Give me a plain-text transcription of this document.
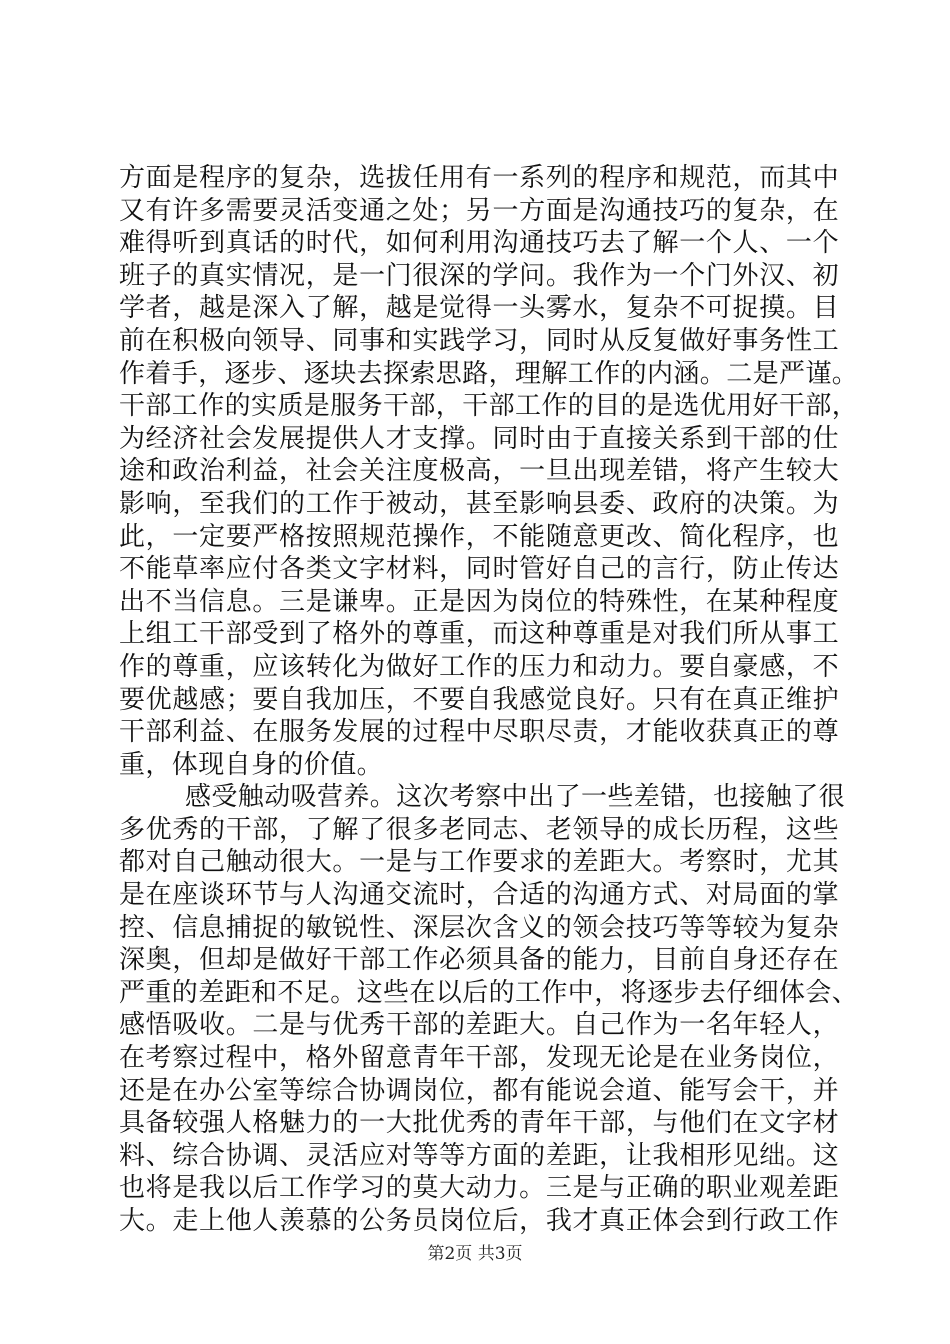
方面是程序的复杂，选拔任用有一系列的程序和规范，而其中
又有许多需要灵活变通之处；另一方面是沟通技巧的复杂，在
难得听到真话的时代，如何利用沟通技巧去了解一个人、一个
班子的真实情况，是一门很深的学问。我作为一个门外汉、初
学者，越是深入了解，越是觉得一头雾水，复杂不可捉摸。目
前在积极向领导、同事和实践学习，同时从反复做好事务性工
作着手，逐步、逐块去探索思路，理解工作的内涵。二是严谨。
干部工作的实质是服务干部，干部工作的目的是选优用好干部，
为经济社会发展提供人才支撑。同时由于直接关系到干部的仕
途和政治利益，社会关注度极高，一旦出现差错，将产生较大
影响，至我们的工作于被动，甚至影响县委、政府的决策。为
此，一定要严格按照规范操作，不能随意更改、简化程序，也
不能草率应付各类文字材料，同时管好自己的言行，防止传达
出不当信息。三是谦卑。正是因为岗位的特殊性，在某种程度
上组工干部受到了格外的尊重，而这种尊重是对我们所从事工
作的尊重，应该转化为做好工作的压力和动力。要自豪感，不
要优越感；要自我加压，不要自我感觉良好。只有在真正维护
干部利益、在服务发展的过程中尽职尽责，才能收获真正的尊
重，体现自身的价值。
感受触动吸营养。这次考察中出了一些差错，也接触了很
多优秀的干部，了解了很多老同志、老领导的成长历程，这些
都对自己触动很大。一是与工作要求的差距大。考察时，尤其
是在座谈环节与人沟通交流时，合适的沟通方式、对局面的掌
控、信息捕捉的敏锐性、深层次含义的领会技巧等等较为复杂
深奥，但却是做好干部工作必须具备的能力，目前自身还存在
严重的差距和不足。这些在以后的工作中，将逐步去仔细体会、
感悟吸收。二是与优秀干部的差距大。自己作为一名年轻人，
在考察过程中，格外留意青年干部，发现无论是在业务岗位，
还是在办公室等综合协调岗位，都有能说会道、能写会干，并
具备较强人格魅力的一大批优秀的青年干部，与他们在文字材
料、综合协调、灵活应对等等方面的差距，让我相形见绌。这
也将是我以后工作学习的莫大动力。三是与正确的职业观差距
大。走上他人羡慕的公务员岗位后，我才真正体会到行政工作
第2页 共3页
